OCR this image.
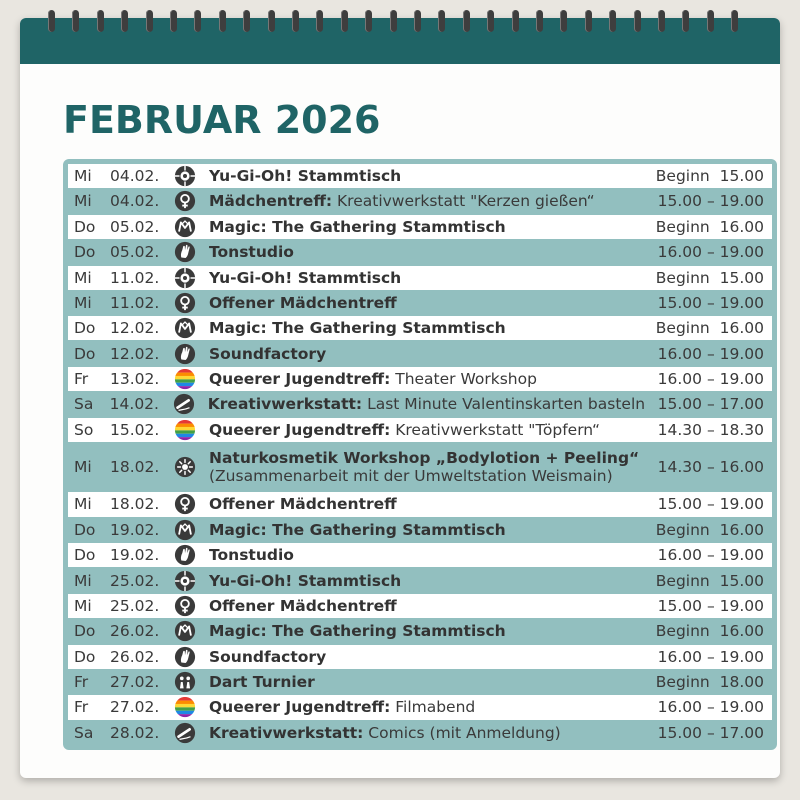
FEBRUAR 2026
Mi	04.02.	Yu-Gi-Oh! Stammtisch	Beginn  15.00
Mi	04.02.	Mädchentreff: Kreativwerkstatt "Kerzen gießen“	15.00 – 19.00
Do 05.02.	Magic: The Gathering Stammtisch	Beginn  16.00
Do 05.02.	Tonstudio	16.00 – 19.00
Mi	11.02.	Yu-Gi-Oh! Stammtisch	Beginn  15.00
Mi	11.02.	Offener Mädchentreff	15.00 – 19.00
Do 12.02.	Magic: The Gathering Stammtisch	Beginn  16.00
Do 12.02.	Soundfactory	16.00 – 19.00
Fr	13.02.	Queerer Jugendtreff: Theater Workshop	16.00 – 19.00
Sa	14.02.	Kreativwerkstatt: Last Minute Valentinskarten basteln 15.00 – 17.00
So	15.02.	Queerer Jugendtreff: Kreativwerkstatt "Töpfern“	14.30 – 18.30
Mi	18.02.	Naturkosmetik Workshop „Bodylotion + Peeling“
(Zusammenarbeit mit der Umweltstation Weismain)	14.30 – 16.00
Mi	18.02.	Offener Mädchentreff	15.00 – 19.00
Do 19.02.	Magic: The Gathering Stammtisch	Beginn  16.00
Do 19.02.	Tonstudio	16.00 – 19.00
Mi	25.02.	Yu-Gi-Oh! Stammtisch	Beginn  15.00
Mi	25.02.	Offener Mädchentreff	15.00 – 19.00
Do 26.02.	Magic: The Gathering Stammtisch	Beginn  16.00
Do 26.02.	Soundfactory	16.00 – 19.00
Fr	27.02.	Dart Turnier	Beginn  18.00
Fr	27.02.	Queerer Jugendtreff: Filmabend	16.00 – 19.00
Sa	28.02.	Kreativwerkstatt: Comics (mit Anmeldung)	15.00 – 17.00
